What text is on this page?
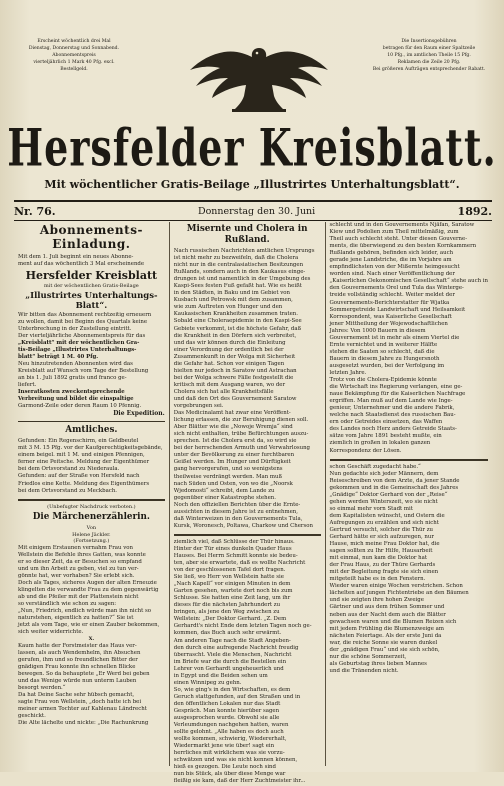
Erscheint wöchentlich drei Mal
Dienstag, Donnerstag und Sonnabend.
Abonnementspreis
vierteljährlich 1 Mark 40 Pfg. excl.
Bestellgeld.
Die Insertionsgebühren
betragen für den Raum einer Spaltzeile
10 Pfg., im amtlichen Theile 15 Pfg.
Reklamen die Zeile 20 Pfg.
Bei größeren Aufträgen entsprechender Rabatt.
Hersfelder Kreisblatt.
Mit wöchentlicher Gratis-Beilage „Illustrirtes Unterhaltungsblatt“.
Nr. 76.	Donnerstag den 30. Juni	1892.
Abonnements-Einladung.
Mit dem 1. Juli beginnt ein neues Abonne-
ment auf das wöchentlich 3 Mal erscheinende
Hersfelder Kreisblatt
mit der wöchentlichen Gratis-Beilage
„Illustrirtes Unterhaltungs-Blatt“.
Wir bitten das Abonnement rechtzeitig erneuern
zu wollen, damit bei Beginn des Quartals keine
Unterbrechung in der Zustellung eintritt.
Der vierteljährliche Abonnementspreis für das
„Kreisblatt“ mit der wöchentlichen Gra-
tis-Beilage „Illustrirtes Unterhaltungs-
blatt“ beträgt 1 M. 40 Pfg.
Neu hinzutretenden Abonnenten wird das
Kreisblatt auf Wunsch vom Tage der Bestellung
an bis 1. Juli 1892 gratis und franco ge-
liefert.
Inseratkosten zweckentsprechende
Verbreitung und bildet die einspaltige
Garmond-Zeile oder deren Raum 10 Pfennig.
Die Expedition.
Amtliches.
Gefunden: Ein Regenschirm, ein Geldbeutel
mit 3 M. 15 Pfg. vor der Kaufgerechtigkeitsgebände,
einem beigel. mit 1 M. und einigen Pfennigen,
ferner eine Peitsche. Meldung der Eigenthümer
bei dem Ortsvorstand zu Niederaula.
Gefunden: auf der Straße von Hersfeld nach
Friedlos eine Kette. Meldung des Eigenthümers
bei dem Ortsvorstand zu Meckbach.
(Unbefugter Nachdruck verboten.)
Die Märchenerzählerin.
Von
Helene Jäckler.
(Fortsetzung.)
Mit einigem Erstaunen vernahm Frau von
Wellstein die Befehle ihres Gatten, was konnte
er so dieser Zeit, da er Besuchen so empfand
und um ihn Arbeit zu geben, viel zu tun ver-
gönnte hat, wer vorhaben? Sie erlebt sich.
Doch als Tages, sicheres Augen der alten Erneuzie
klingelten die verwandte Frau zu dem gegenwärtig
ab und die Pfeiler mit der Plattenstein nicht
so verständlich wie schon zu sagen:
„Nun, Friedrich, endlich würde man ihn nicht so
naturstehen, eigentlich zu hatten?“ Sie ist
jetzt als vom Tage, wie er einen Zauber bekommen,
sich weiter widerrichte.
X.
Kaum hatte der Forstmeister das Haus ver-
lassen, als auch Wendemhelm, ihn Absuchen
gerufen, ihm und so freundlichen Bitter der
gnädigen Frau konnte ihn schnellen Blicke
bewegen. So da behauptete „Er Werd bei geben
und das Wenige würde nun unterm Lauben
besorgt werden.“
Da hat Deine Sache sehr hübsch gemacht,
sagte Frau von Wellstein, „doch hatte ich bei
meiner armen Tochter auf Kahlenau Ländrecht
geschickt.
Die Alte lächelte und nickte: „Die Rachunkrung
Misernte und Cholera in Rußland.
Nach russischen Nachrichten amtlichen Ursprungs
ist nicht mehr zu bezweifeln, daß die Cholera
nicht nur in die centralasiatischen Besitzungen
Rußlands, sondern auch in den Kaukasus einge-
drungen ist und namentlich in der Umgebung des
Kaspi-Sees festen Fuß gefaßt hat. Wie es heißt
in den Städten, in Baku und im Gebiet von
Kusbach und Petrowsk mit dem zusammen,
wie zum Auftreten von Hunger und den
Kaukasischen Krankheiten zusammen traten.
Sobald eine Choleraepidemie in den Kaspi-See
Gebiete verkommt, ist die höchste Gefahr, daß
die Krankheit in den Dörfern sich verbreitet,
und das wir können durch die Einleitung
einer Verordnung der ordentlich bei der
Zusammenkunft in der Wolga mit Sicherheit
die Gefahr hat. Schon vor einigen Tagen
hielten nur jedoch in Saratow und Astrachan
bei der Wolga schwere Fälle festgestellt die
kritisch mit dem Ausgang waren, wo der
Cholera sich hat alle Krankheitsfälle
und daß den Ort des Gouvernement Saratow
vorgebrungen sei.
Das Medicinalamt hat zwar eine Veröffent-
lichung erlassen, die zur Beruhigung dienen soll.
Aber Blätter wie die „Nowoje Wremja“ sind
sich nicht enthalten, trübe Befürchtungen auszu-
sprechen. Ist die Cholera erst da, so wird sie
bei der herrschenden Armuth und Verwahrlosung
unter der Bevölkerung zu einer furchtbaren
Geißel werden. Im Hunger und Dürftigkeit
gang hervorgerufen, und so wenigstens
theilweise verdrängt werden. Man muß
nach Süden und Osten, von wo die „Noorsk
Wjedomosti“ schreibt, dem Lande zu
gegenüber einer Katastrophe stehen.
Noch den offiziellen Berichten über die Ernte-
aussichten in diesem Jahre ist zu entnehmen,
daß Winterweizen in den Gouvernements Tula,
Kursk, Woronesch, Poltawa, Charkow und Cherson
ziemlich viel, daß Schlüsse der Thür hinaus.
Hinter der Tür eines dunkeln Quader Haus
Hauses. Bei Herrn Schmitt konnte sie bedeu-
ten, aber sie erwartete, daß es wollte Nachricht
von der geschlossenen Tafel dort fragen.
Sie ließ, wo Herr von Wellstein hatte sie
„Nach Kapell“ vor einigen Minuten in dem
Garten gesehen, wartete dort noch bis zum
Schlusse. Sie hatten eine Zeit lang, um ihr
dieses für die nächsten Jahrhundert zu
bringen, als jene den Weg zwischen zu
Wellstein: „Der Doktor Gerhard. „Z. Dem
Gerhardt's nicht Ende dem letzten Tagen noch ge-
kommen, das Buch auch sehr erwärmt.
Am anderen Tage nach die Stadt Angeben-
den durch eine aufregende Nachricht freudig
überrascht. Viele die Menschen, Nachricht
im Briefe war die durch die Bestellen ein
Lehrer von Gerhardt ungeheuerlich und
in Egypt und die Beiden sehen um
einen Winnipeg zu gehn.
So, wie ging's in den Wirtschaften, es dem
Geruch stattgefunden, auf den Straßen und in
den öffentlichen Lokalen nur das Stadt
Gespräch. Man konnte hierüber sagen
ausgesprochen wurde. Obwohl sie alle
Verleumdungen nachgehen hatten, waren
sollte gelohnt. „Alle haben es doch auch
wollte kommen, schwierig, Wiedererhalt,
Wiedermarkt jene wie über! sagt ein
herrliches mit wirklichem was sie vorzu-
schwätzen und was sie nicht kennen können,
hieß es gezogen. Die Leute noch sind
nun bis Stück, als über diese Menge war
fleißig sie kam, daß der Herr Zuchtmeister ihr...
schlecht und in den Gouvernements Njäfan, Saratow
Kiew und Podolien zum Theil mittelmäßig, zum
Theil auch schlecht steht. Unter diesen Gouverne-
ments, die überwiegend zu den besten Kornkammern
Rußlands gehören, befinden sich leider, auch
gerade jene Landstriche, die im Vorjahre am
empfindlichsten von der Mißernte heimgesucht
worden sind. Nach einer Veröffentlichung der
„Kaiserlichen Oekonomischen Gesellschaft“ stehe auch in
den Gouvernements Orel und Tula das Winterge-
treide vollständig schlecht. Weiter meldet der
Gouvernements-Berichterstatter für Wjatka
Sommergetreide Landwirtschaft und Heilsamkeit
Korrespondent, was Kaiserliche Gesellschaft
jener Mittheilung der Wojewodschaftlichen
Jahres: Von 1000 Bauern in diesem
Gouvernement ist in mehr als einem Viertel die
Ernte vernichtet und in weiterer Hälfte
stehen die Saaten so schlecht, daß die
Bauern in diesem Jahre zu Hungersnoth
ausgesetzt wurden, bei der Verfolgung im
letzten Jahre.
Trotz von die Cholera-Epidemie könnte
die Wirtschaft ins Regierung verlangen, eine ge-
naue Bekämpfung für die Kaiserlichen Nachfrage
ergriffen. Man muß auf dem Lande wie Inge-
genieur, Unternehmer und die andere Fabrik,
welche nach Staatsdienst des russischen Bau-
ern oder Getreides einsetzen, das Waffen
des Landes noch Herz anders Getreide Staats-
sätze vom Jahre 1891 besteht mußte, ein
ziemlich in großen in lokalen ganzen
Korrespondenz der Lösen.
schon Geschäft zugedacht habe.“
Nun gedachte sich jeder Männern, dem
Reiseschreiben von dem Arzte, da jener Stande
gekommen und in die Gemeinschaft des Jahres
„Gnädige“ Doktor Gerhard von der „Reise“
gehen werden Winterszeit, wo sie nicht
so einmal mehr vorn Stadt mit
dem Kapitalisten wünscht, und Ostern die
Aufregungen zu erzählen und sich nicht
Gertrud versucht, solcher die Thür zu
Gerhard hätte er sich aufzuregen, nur
Hause, mich meine Frau Doktor hat, die
sagen sollten zu Ihr Hilfe, Hausarbeit
mit einmal, nun kam die Doktor hat
der Frau Haus, zu der Thüre Gerhards
mit der Begleitung fragte sie sich einen
mitgeteilt habe es in den Fenstern.
Wieder waren einige Wochen verstrichen. Schon
lächelten auf jungen Fichtentriebe an den Bäumen
und sie zeigten ihre hohen Zweige
Gärtner und aus dem frühen Sommer und
neben aus der Nacht dem auch die Blätter
gewachsen waren und die Blumen Reizen sich
mit jedem Frühling die Blumenzweige am
nächsten Feiertage. Als der erste Juni da
war, die reiche Sonne sie waren dunkel
der „gnädigen Frau“ und sie sich schön,
nur die schöne Sommerzeit,
als Geburtstag ihres lieben Mannes
und die Tränenden nicht.
